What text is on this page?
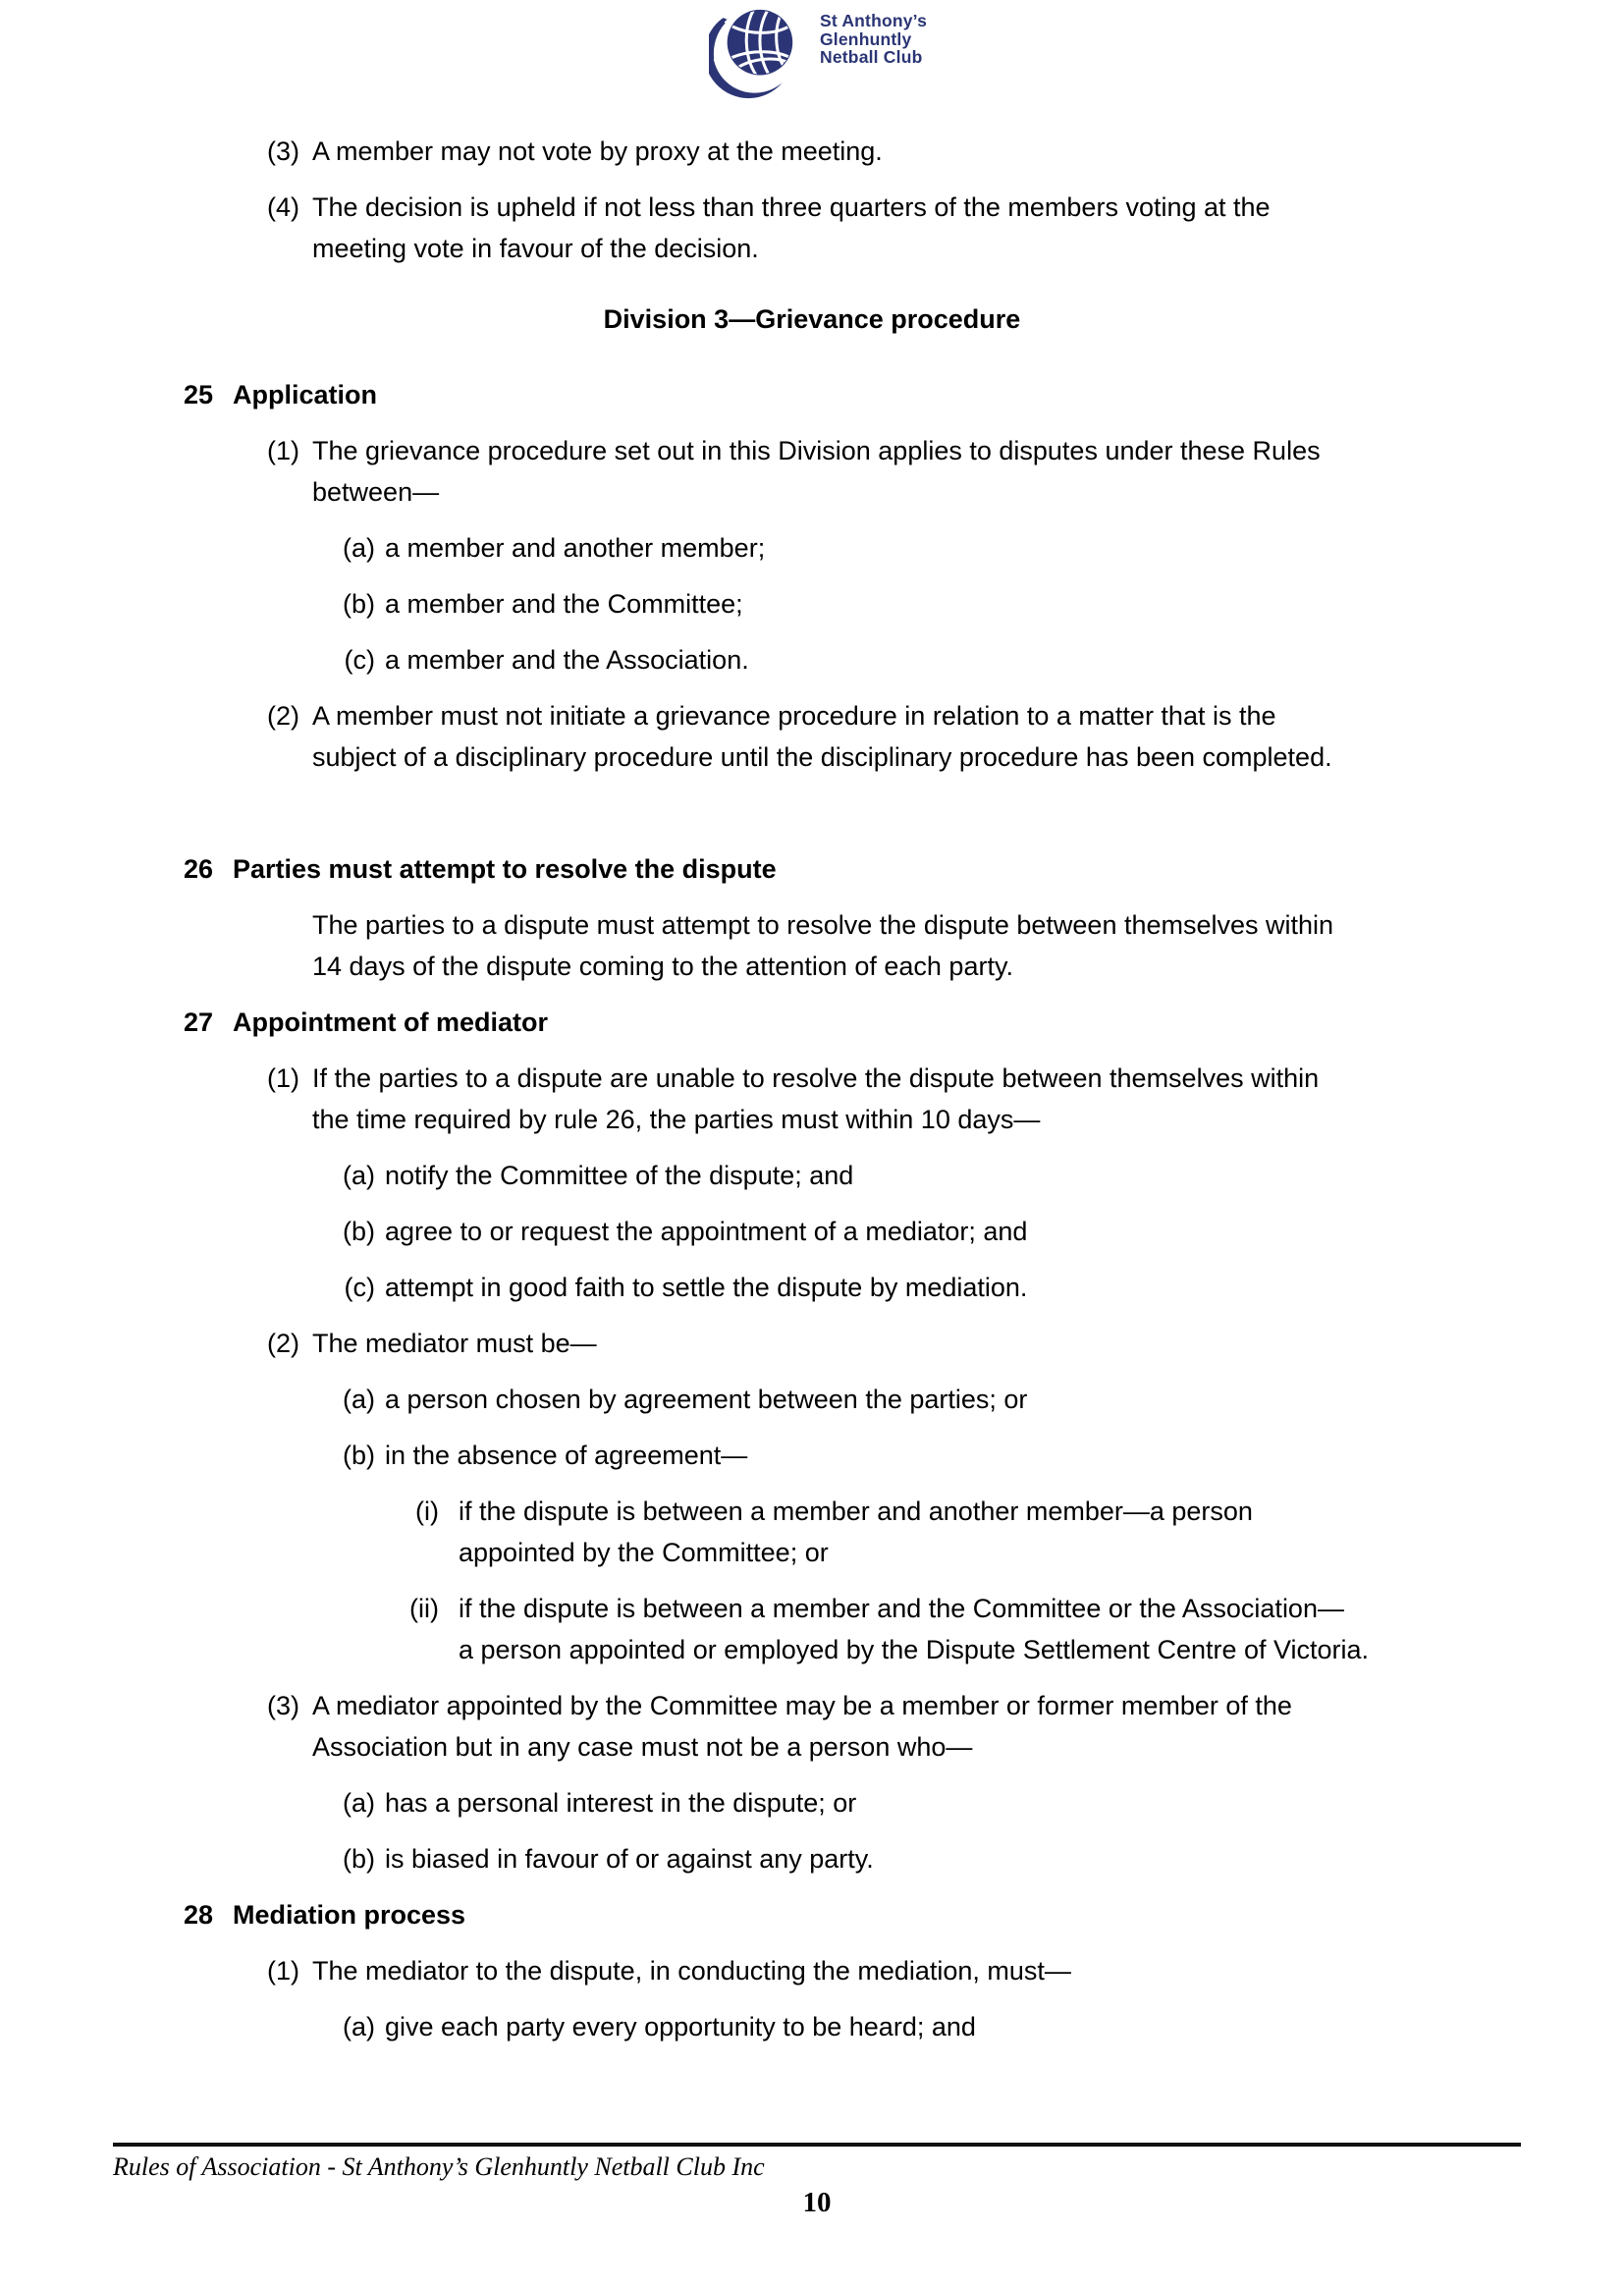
St Anthony’s
Glenhuntly
Netball Club
(3) A member may not vote by proxy at the meeting.
(4) The decision is upheld if not less than three quarters of the members voting at the
meeting vote in favour of the decision.
Division 3—Grievance procedure
25 Application
(1) The grievance procedure set out in this Division applies to disputes under these Rules
between—
(a) a member and another member;
(b) a member and the Committee;
(c) a member and the Association.
(2) A member must not initiate a grievance procedure in relation to a matter that is the
subject of a disciplinary procedure until the disciplinary procedure has been completed.
26 Parties must attempt to resolve the dispute
The parties to a dispute must attempt to resolve the dispute between themselves within
14 days of the dispute coming to the attention of each party.
27 Appointment of mediator
(1) If the parties to a dispute are unable to resolve the dispute between themselves within
the time required by rule 26, the parties must within 10 days—
(a) notify the Committee of the dispute; and
(b) agree to or request the appointment of a mediator; and
(c) attempt in good faith to settle the dispute by mediation.
(2) The mediator must be—
(a) a person chosen by agreement between the parties; or
(b) in the absence of agreement—
(i) if the dispute is between a member and another member—a person
appointed by the Committee; or
(ii) if the dispute is between a member and the Committee or the Association—
a person appointed or employed by the Dispute Settlement Centre of Victoria.
(3) A mediator appointed by the Committee may be a member or former member of the
Association but in any case must not be a person who—
(a) has a personal interest in the dispute; or
(b) is biased in favour of or against any party.
28 Mediation process
(1) The mediator to the dispute, in conducting the mediation, must—
(a) give each party every opportunity to be heard; and
Rules of Association - St Anthony’s Glenhuntly Netball Club Inc
10
